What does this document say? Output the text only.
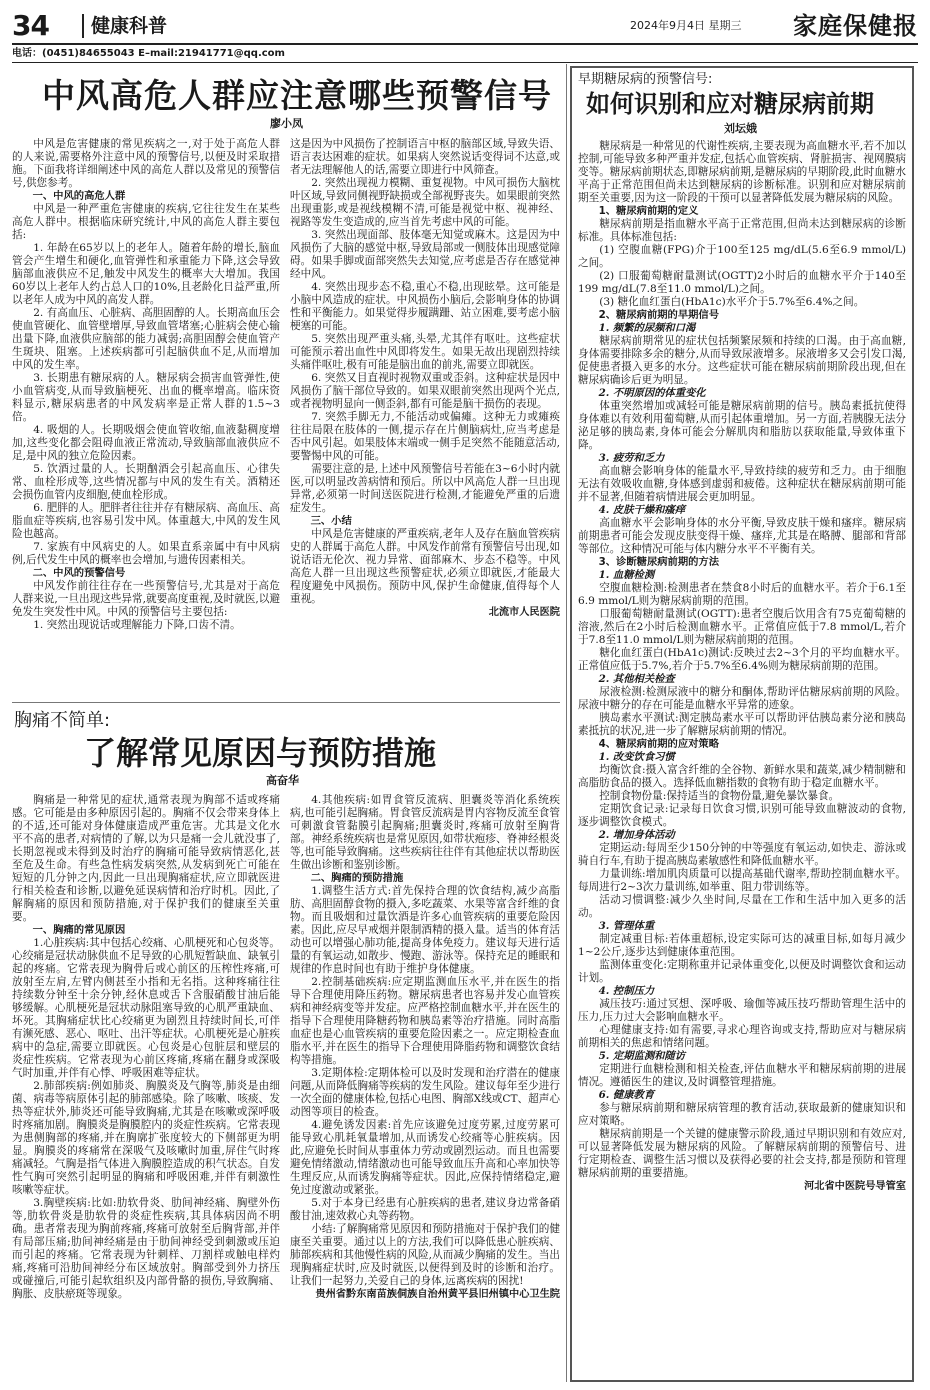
34	健康科普	2024年9月4日 星期三 家庭保健报
电话：(0451)84655043 E–mail:21941771@qq.com
中风高危人群应注意哪些预警信号
廖小凤

中风是危害健康的常见疾病之一,对于处于高危人群的人来说,需要格外注意中风的预警信号,以便及时采取措施。下面我将详细阐述中风的高危人群以及常见的预警信号,供您参考。

一、中风的高危人群

中风是一种严重危害健康的疾病,它往往发生在某些高危人群中。根据临床研究统计,中风的高危人群主要包括:

1. 年龄在65岁以上的老年人。随着年龄的增长,脑血管会产生增生和硬化,血管弹性和承重能力下降,这会导致脑部血液供应不足,触发中风发生的概率大大增加。我国60岁以上老年人约占总人口的10%,且老龄化日益严重,所以老年人成为中风的高发人群。

2. 有高血压、心脏病、高胆固醇的人。长期高血压会使血管硬化、血管壁增厚,导致血管堵塞;心脏病会使心输出量下降,血液供应脑部的能力减弱;高胆固醇会使血管产生斑块、阻塞。上述疾病都可引起脑供血不足,从而增加中风的发生率。

3. 长期患有糖尿病的人。糖尿病会损害血管弹性,使小血管病变,从而导致脑梗死、出血的概率增高。临床资料显示,糖尿病患者的中风发病率是正常人群的1.5~3倍。

4. 吸烟的人。长期吸烟会使血管收缩,血液黏稠度增加,这些变化都会阻碍血液正常流动,导致脑部血液供应不足,是中风的独立危险因素。

5. 饮酒过量的人。长期酗酒会引起高血压、心律失常、血栓形成等,这些情况都与中风的发生有关。酒精还会损伤血管内皮细胞,使血栓形成。

6. 肥胖的人。肥胖者往往并存有糖尿病、高血压、高脂血症等疾病,也容易引发中风。体重越大,中风的发生风险也越高。

7. 家族有中风病史的人。如果直系亲属中有中风病例,后代发生中风的概率也会增加,与遗传因素相关。

二、中风的预警信号

中风发作前往往存在一些预警信号,尤其是对于高危人群来说,一旦出现这些异常,就要高度重视,及时就医,以避免发生突发性中风。中风的预警信号主要包括:

1. 突然出现说话或理解能力下降,口齿不清。

这是因为中风损伤了控制语言中枢的脑部区域,导致失语、语言表达困难的症状。如果病人突然说话变得词不达意,或者无法理解他人的话,需要立即进行中风筛查。

2. 突然出现视力模糊、重复视物。中风可损伤大脑枕叶区域,导致同侧视野缺损或全部视野丧失。如果眼前突然出现重影,或是视线模糊不清,可能是视觉中枢、视神经、视路等发生变造成的,应当首先考虑中风的可能。

3. 突然出现面部、肢体毫无知觉或麻木。这是因为中风损伤了大脑的感觉中枢,导致局部或一侧肢体出现感觉障碍。如果手脚或面部突然失去知觉,应考虑是否存在感觉神经中风。

4. 突然出现步态不稳,重心不稳,出现眩晕。这可能是小脑中风造成的症状。中风损伤小脑后,会影响身体的协调性和平衡能力。如果觉得步履蹒跚、站立困难,要考虑小脑梗塞的可能。

5. 突然出现严重头痛,头晕,尤其伴有呕吐。这些症状可能预示着出血性中风即将发生。如果无故出现剧烈持续头痛伴呕吐,极有可能是脑出血的前兆,需要立即就医。

6. 突然又目直视时视物双重或歪斜。这种症状是因中风损伤了脑干部位导致的。如果双眼前突然出现两个光点,或者视物明显向一侧歪斜,都有可能是脑干损伤的表现。

7. 突然手脚无力,不能活动或偏瘫。这种无力或瘫痪往往局限在肢体的一侧,提示存在片侧脑病灶,应当考虑是否中风引起。如果肢体末端或一侧手足突然不能随意活动,要警惕中风的可能。

需要注意的是,上述中风预警信号若能在3~6小时内就医,可以明显改善病情和预后。所以中风高危人群一旦出现异常,必须第一时间送医院进行检测,才能避免严重的后遗症发生。

三、小结

中风是危害健康的严重疾病,老年人及存在脑血管疾病史的人群属于高危人群。中风发作前常有预警信号出现,如说话语无伦次、视力异常、面部麻木、步态不稳等。中风高危人群一旦出现这些预警症状,必须立即就医,才能最大程度避免中风损伤。预防中风,保护生命健康,值得每个人重视。

北流市人民医院

胸痛不简单:
了解常见原因与预防措施
高奋华

胸痛是一种常见的症状,通常表现为胸部不适或疼痛感。它可能是由多种原因引起的。胸痛不仅会带来身体上的不适,还可能对身体健康造成严重危害。尤其是文化水平不高的患者,对病情的了解,以为只是痛一会儿就没事了,长期忽视或未得到及时治疗的胸痛可能导致病情恶化,甚至危及生命。有些急性病发病突然,从发病到死亡可能在短短的几分钟之内,因此一旦出现胸痛症状,应立即就医进行相关检查和诊断,以避免延误病情和治疗时机。因此,了解胸痛的原因和预防措施,对于保护我们的健康至关重要。

一、胸痛的常见原因

1.心脏疾病:其中包括心绞痛、心肌梗死和心包炎等。心绞痛是冠状动脉供血不足导致的心肌短暂缺血、缺氧引起的疼痛。它常表现为胸骨后或心前区的压榨性疼痛,可放射至左肩,左臂内侧甚至小指和无名指。这种疼痛往往持续数分钟至十余分钟,经休息或舌下含服硝酸甘油后能够缓解。心肌梗死是冠状动脉阻塞导致的心肌严重缺血、坏死。其胸痛症状比心绞痛更为剧烈且持续时间长,可伴有濒死感、恶心、呕吐、出汗等症状。心肌梗死是心脏疾病中的急症,需要立即就医。心包炎是心包脏层和壁层的炎症性疾病。它常表现为心前区疼痛,疼痛在翻身或深吸气时加重,并伴有心悸、呼吸困难等症状。

2.肺部疾病:例如肺炎、胸膜炎及气胸等,肺炎是由细菌、病毒等病原体引起的肺部感染。除了咳嗽、咳痰、发热等症状外,肺炎还可能导致胸痛,尤其是在咳嗽或深呼吸时疼痛加剧。胸膜炎是胸膜腔内的炎症性疾病。它常表现为患侧胸部的疼痛,并在胸廓扩张度较大的下侧部更为明显。胸膜炎的疼痛常在深吸气及咳嗽时加重,屏住气时疼痛减轻。气胸是指气体进入胸膜腔造成的积气状态。自发性气胸可突然引起明显的胸痛和呼吸困难,并伴有刺激性咳嗽等症状。

3.胸壁疾病:比如:肋软骨炎、肋间神经痛、胸壁外伤等,肋软骨炎是肋软骨的炎症性疾病,其具体病因尚不明确。患者常表现为胸前疼痛,疼痛可放射至后胸背部,并伴有局部压痛;肋间神经痛是由于肋间神经受到刺激或压迫而引起的疼痛。它常表现为针刺样、刀割样或触电样灼痛,疼痛可沿肋间神经分布区域放射。胸部受到外力挤压或碰撞后,可能引起软组织及内部骨骼的损伤,导致胸痛、胸胀、皮肤瘀斑等现象。

4.其他疾病:如胃食管反流病、胆囊炎等消化系统疾病,也可能引起胸痛。胃食管反流病是胃内容物反流至食管可刺激食管黏膜引起胸痛;胆囊炎时,疼痛可放射至胸背部。神经系统疾病也是常见原因,如带状疱疹、脊神经根炎等,也可能导致胸痛。这些疾病往往伴有其他症状以帮助医生做出诊断和鉴别诊断。

二、胸痛的预防措施

1.调整生活方式:首先保持合理的饮食结构,减少高脂肪、高胆固醇食物的摄入,多吃蔬菜、水果等富含纤维的食物。而且吸烟和过量饮酒是许多心血管疾病的重要危险因素。因此,应尽早戒烟并限制酒精的摄入量。适当的体育活动也可以增强心肺功能,提高身体免疫力。建议每天进行适量的有氧运动,如散步、慢跑、游泳等。保持充足的睡眠和规律的作息时间也有助于维护身体健康。

2.控制基础疾病:应定期监测血压水平,并在医生的指导下合理使用降压药物。糖尿病患者也容易并发心血管疾病和神经病变等并发症。应严格控制血糖水平,并在医生的指导下合理使用降糖药物和胰岛素等治疗措施。同时高脂血症也是心血管疾病的重要危险因素之一。应定期检查血脂水平,并在医生的指导下合理使用降脂药物和调整饮食结构等措施。

3.定期体检:定期体检可以及时发现和治疗潜在的健康问题,从而降低胸痛等疾病的发生风险。建议每年至少进行一次全面的健康体检,包括心电图、胸部X线或CT、超声心动图等项目的检查。

4.避免诱发因素:首先应该避免过度劳累,过度劳累可能导致心肌耗氧量增加,从而诱发心绞痛等心脏疾病。因此,应避免长时间从事重体力劳动或剧烈运动。而且也需要避免情绪激动,情绪激动也可能导致血压升高和心率加快等生理反应,从而诱发胸痛等症状。因此,应保持情绪稳定,避免过度激动或紧张。

5.对于本身已经患有心脏疾病的患者,建议身边常备硝酸甘油,速效救心丸等药物。

小结:了解胸痛常见原因和预防措施对于保护我们的健康至关重要。通过以上的方法,我们可以降低患心脏疾病、肺部疾病和其他慢性病的风险,从而减少胸痛的发生。当出现胸痛症状时,应及时就医,以便得到及时的诊断和治疗。让我们一起努力,关爱自己的身体,远离疾病的困扰!

贵州省黔东南苗族侗族自治州黄平县旧州镇中心卫生院

早期糖尿病的预警信号:
如何识别和应对糖尿病前期
刘坛娥

糖尿病是一种常见的代谢性疾病,主要表现为高血糖水平,若不加以控制,可能导致多种严重并发症,包括心血管疾病、肾脏损害、视网膜病变等。糖尿病前期状态,即糖尿病前期,是糖尿病的早期阶段,此时血糖水平高于正常范围但尚未达到糖尿病的诊断标准。识别和应对糖尿病前期至关重要,因为这一阶段的干预可以显著降低发展为糖尿病的风险。

1、糖尿病前期的定义

糖尿病前期是指血糖水平高于正常范围,但尚未达到糖尿病的诊断标准。具体标准包括:

(1) 空腹血糖(FPG)介于100至125 mg/dL(5.6至6.9 mmol/L)之间。

(2) 口服葡萄糖耐量测试(OGTT)2小时后的血糖水平介于140至199 mg/dL(7.8至11.0 mmol/L)之间。

(3) 糖化血红蛋白(HbA1c)水平介于5.7%至6.4%之间。

2、糖尿病前期的早期信号

1. 频繁的尿频和口渴

糖尿病前期常见的症状包括频繁尿频和持续的口渴。由于高血糖,身体需要排除多余的糖分,从而导致尿液增多。尿液增多又会引发口渴,促使患者摄入更多的水分。这些症状可能在糖尿病前期阶段出现,但在糖尿病确诊后更为明显。

2. 不明原因的体重变化

体重突然增加或减轻可能是糖尿病前期的信号。胰岛素抵抗使得身体难以有效利用葡萄糖,从而引起体重增加。另一方面,若胰腺无法分泌足够的胰岛素,身体可能会分解肌肉和脂肪以获取能量,导致体重下降。

3. 疲劳和乏力

高血糖会影响身体的能量水平,导致持续的疲劳和乏力。由于细胞无法有效吸收血糖,身体感到虚弱和疲倦。这种症状在糖尿病前期可能并不显著,但随着病情进展会更加明显。

4. 皮肤干燥和瘙痒

高血糖水平会影响身体的水分平衡,导致皮肤干燥和瘙痒。糖尿病前期患者可能会发现皮肤变得干燥、瘙痒,尤其是在略膊、腿部和背部等部位。这种情况可能与体内糖分水平不平衡有关。

3、诊断糖尿病前期的方法

1. 血糖检测

空腹血糖检测:检测患者在禁食8小时后的血糖水平。若介于6.1至6.9 mmol/L则为糖尿病前期的范围。

口服葡萄糖耐量测试(OGTT):患者空腹后饮用含有75克葡萄糖的溶液,然后在2小时后检测血糖水平。正常值应低于7.8 mmol/L,若介于7.8至11.0 mmol/L则为糖尿病前期的范围。

糖化血红蛋白(HbA1c)测试:反映过去2~3个月的平均血糖水平。正常值应低于5.7%,若介于5.7%至6.4%则为糖尿病前期的范围。

2. 其他相关检查

尿液检测:检测尿液中的糖分和酮体,帮助评估糖尿病前期的风险。尿液中糖分的存在可能是血糖水平异常的迹象。

胰岛素水平测试:测定胰岛素水平可以帮助评估胰岛素分泌和胰岛素抵抗的状况,进一步了解糖尿病前期的情况。

4、糖尿病前期的应对策略

1. 改变饮食习惯

均衡饮食:摄入富含纤维的全谷物、新鲜水果和蔬菜,减少精制糖和高脂肪食品的摄入。选择低血糖指数的食物有助于稳定血糖水平。

控制食物份量:保持适当的食物份量,避免暴饮暴食。

定期饮食记录:记录每日饮食习惯,识别可能导致血糖波动的食物,逐步调整饮食模式。

2. 增加身体活动

定期运动:每周至少150分钟的中等强度有氧运动,如快走、游泳或骑自行车,有助于提高胰岛素敏感性和降低血糖水平。

力量训练:增加肌肉质量可以提高基础代谢率,帮助控制血糖水平。每周进行2~3次力量训练,如举重、阻力带训练等。

活动习惯调整:减少久坐时间,尽量在工作和生活中加入更多的活动。

3. 管理体重

制定减重目标:若体重超标,设定实际可达的减重目标,如每月减少1~2公斤,逐步达到健康体重范围。

监测体重变化:定期称重并记录体重变化,以便及时调整饮食和运动计划。

4. 控制压力

减压技巧:通过冥想、深呼吸、瑜伽等减压技巧帮助管理生活中的压力,压力过大会影响血糖水平。

心理健康支持:如有需要,寻求心理咨询或支持,帮助应对与糖尿病前期相关的焦虑和情绪问题。

5. 定期监测和随访

定期进行血糖检测和相关检查,评估血糖水平和糖尿病前期的进展情况。遵循医生的建议,及时调整管理措施。

6. 健康教育

参与糖尿病前期和糖尿病管理的教育活动,获取最新的健康知识和应对策略。

糖尿病前期是一个关键的健康警示阶段,通过早期识别和有效应对,可以显著降低发展为糖尿病的风险。了解糖尿病前期的预警信号、进行定期检查、调整生活习惯以及获得必要的社会支持,都是预防和管理糖尿病前期的重要措施。

河北省中医院号导管室
